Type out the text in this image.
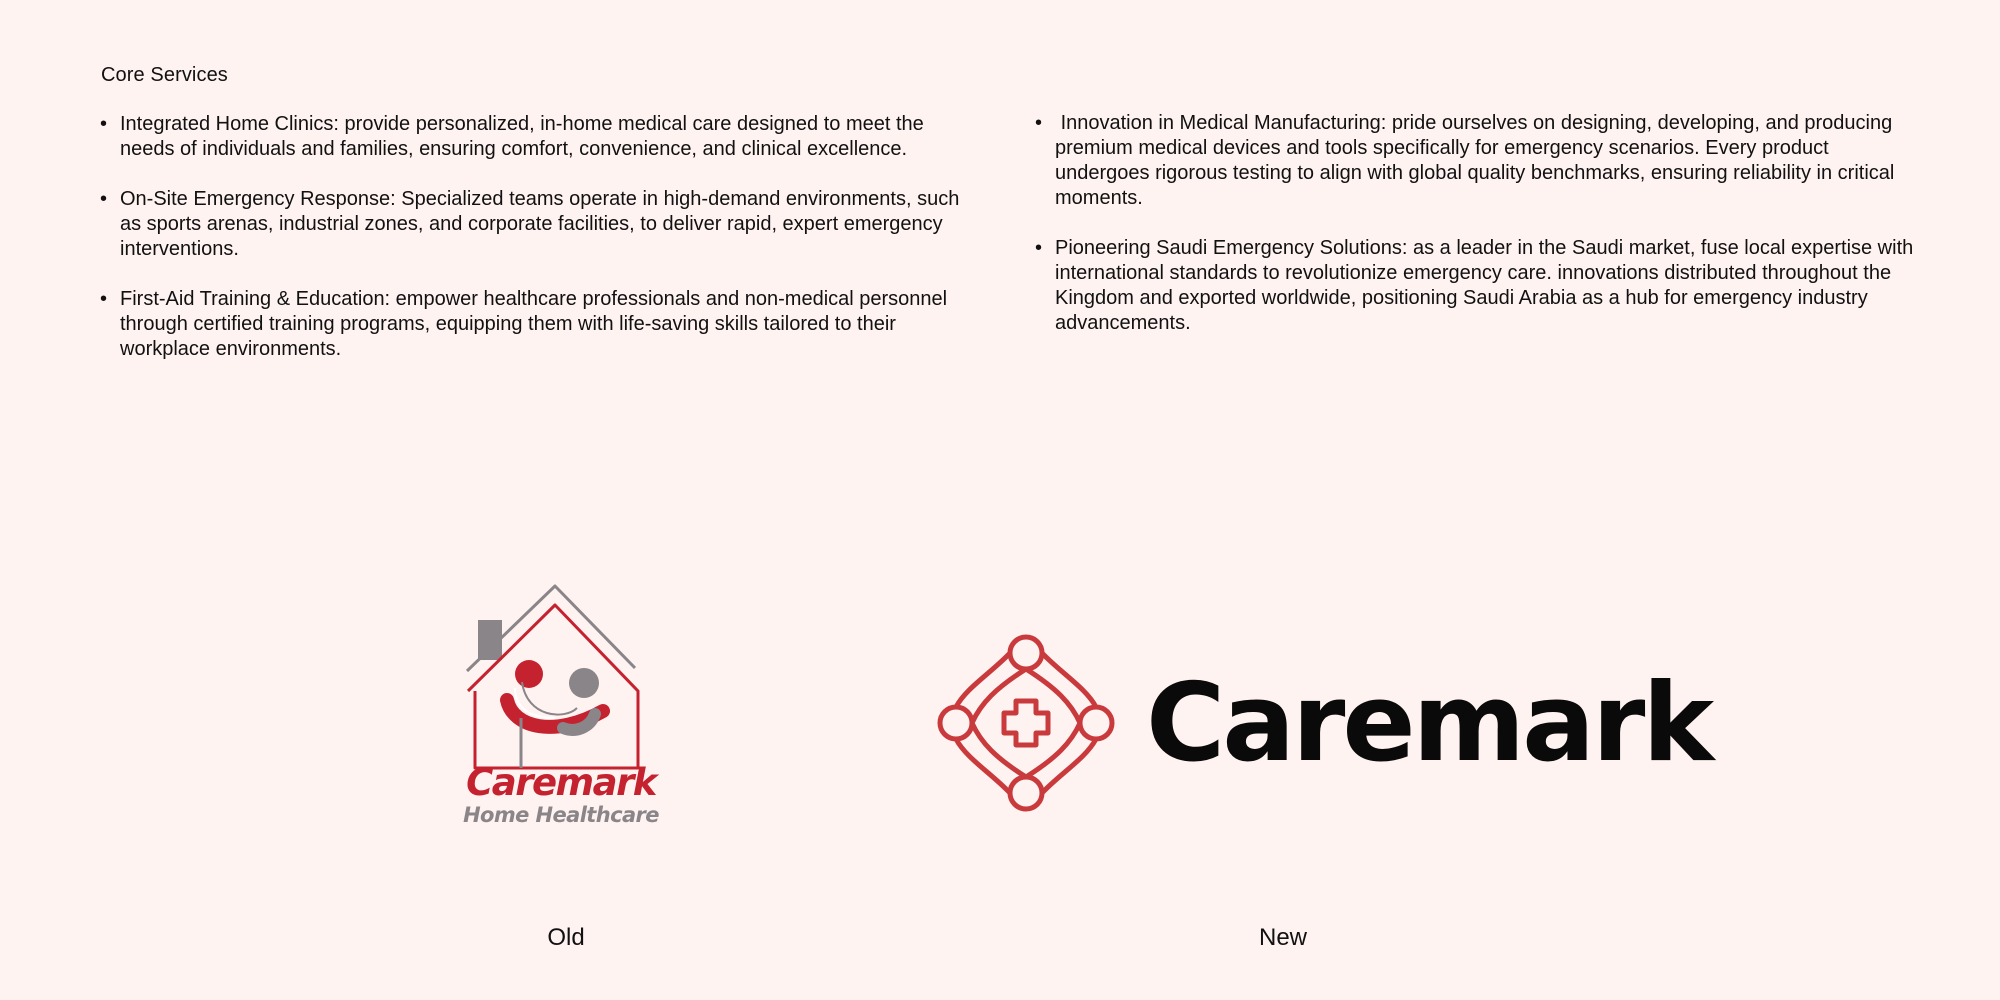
Core Services
• Integrated Home Clinics: provide personalized, in-home medical care designed to meet the needs of individuals and families, ensuring comfort, convenience, and clinical excellence.
• On-Site Emergency Response: Specialized teams operate in high-demand environments, such as sports arenas, industrial zones, and corporate facilities, to deliver rapid, expert emergency interventions.
• First-Aid Training & Education: empower healthcare professionals and non-medical personnel through certified training programs, equipping them with life-saving skills tailored to their workplace environments.
•  Innovation in Medical Manufacturing: pride ourselves on designing, developing, and producing premium medical devices and tools specifically for emergency scenarios. Every product undergoes rigorous testing to align with global quality benchmarks, ensuring reliability in critical moments.
• Pioneering Saudi Emergency Solutions: as a leader in the Saudi market, fuse local expertise with international standards to revolutionize emergency care. innovations distributed throughout the Kingdom and exported worldwide, positioning Saudi Arabia as a hub for emergency industry advancements.
Caremark
Home Healthcare
Caremark
Old	New
